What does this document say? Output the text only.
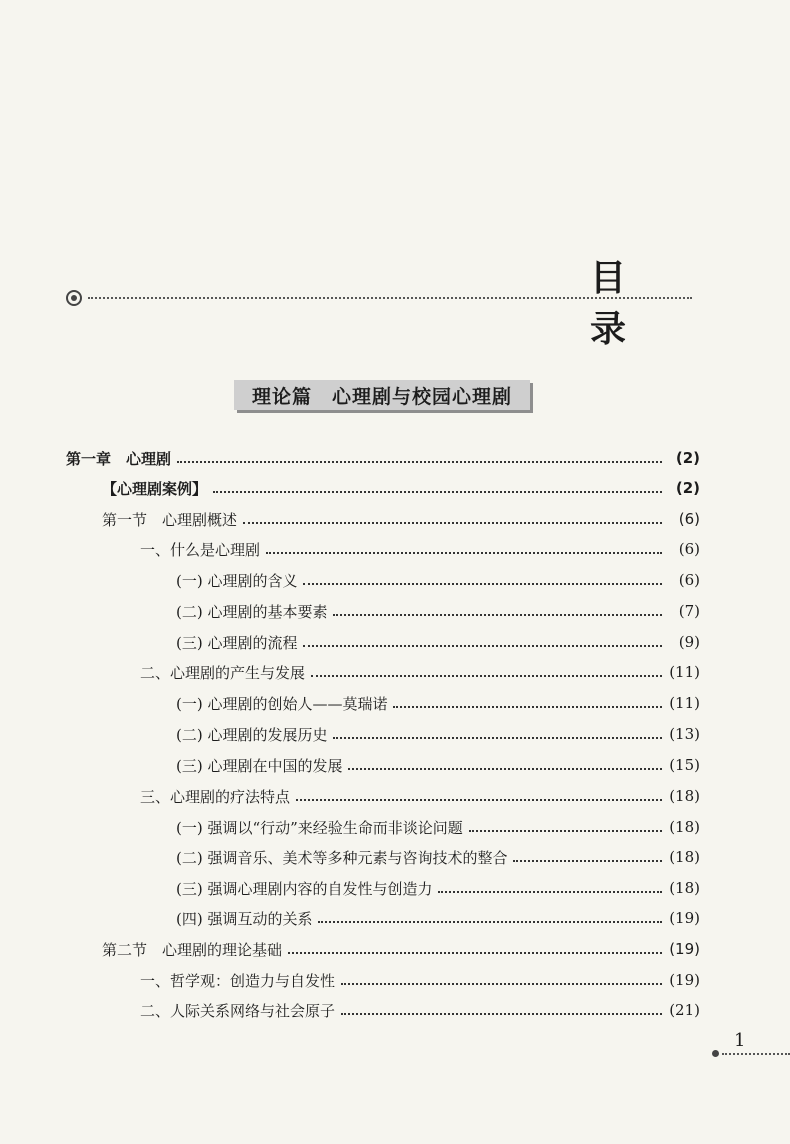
目 录
理论篇　心理剧与校园心理剧
第一章　心理剧	(2)
【心理剧案例】	(2)
第一节　心理剧概述	(6)
一、什么是心理剧	(6)
(一) 心理剧的含义	(6)
(二) 心理剧的基本要素	(7)
(三) 心理剧的流程	(9)
二、心理剧的产生与发展	(11)
(一) 心理剧的创始人——莫瑞诺	(11)
(二) 心理剧的发展历史	(13)
(三) 心理剧在中国的发展	(15)
三、心理剧的疗法特点	(18)
(一) 强调以“行动”来经验生命而非谈论问题	(18)
(二) 强调音乐、美术等多种元素与咨询技术的整合	(18)
(三) 强调心理剧内容的自发性与创造力	(18)
(四) 强调互动的关系	(19)
第二节　心理剧的理论基础	(19)
一、哲学观：创造力与自发性	(19)
二、人际关系网络与社会原子	(21)
1
